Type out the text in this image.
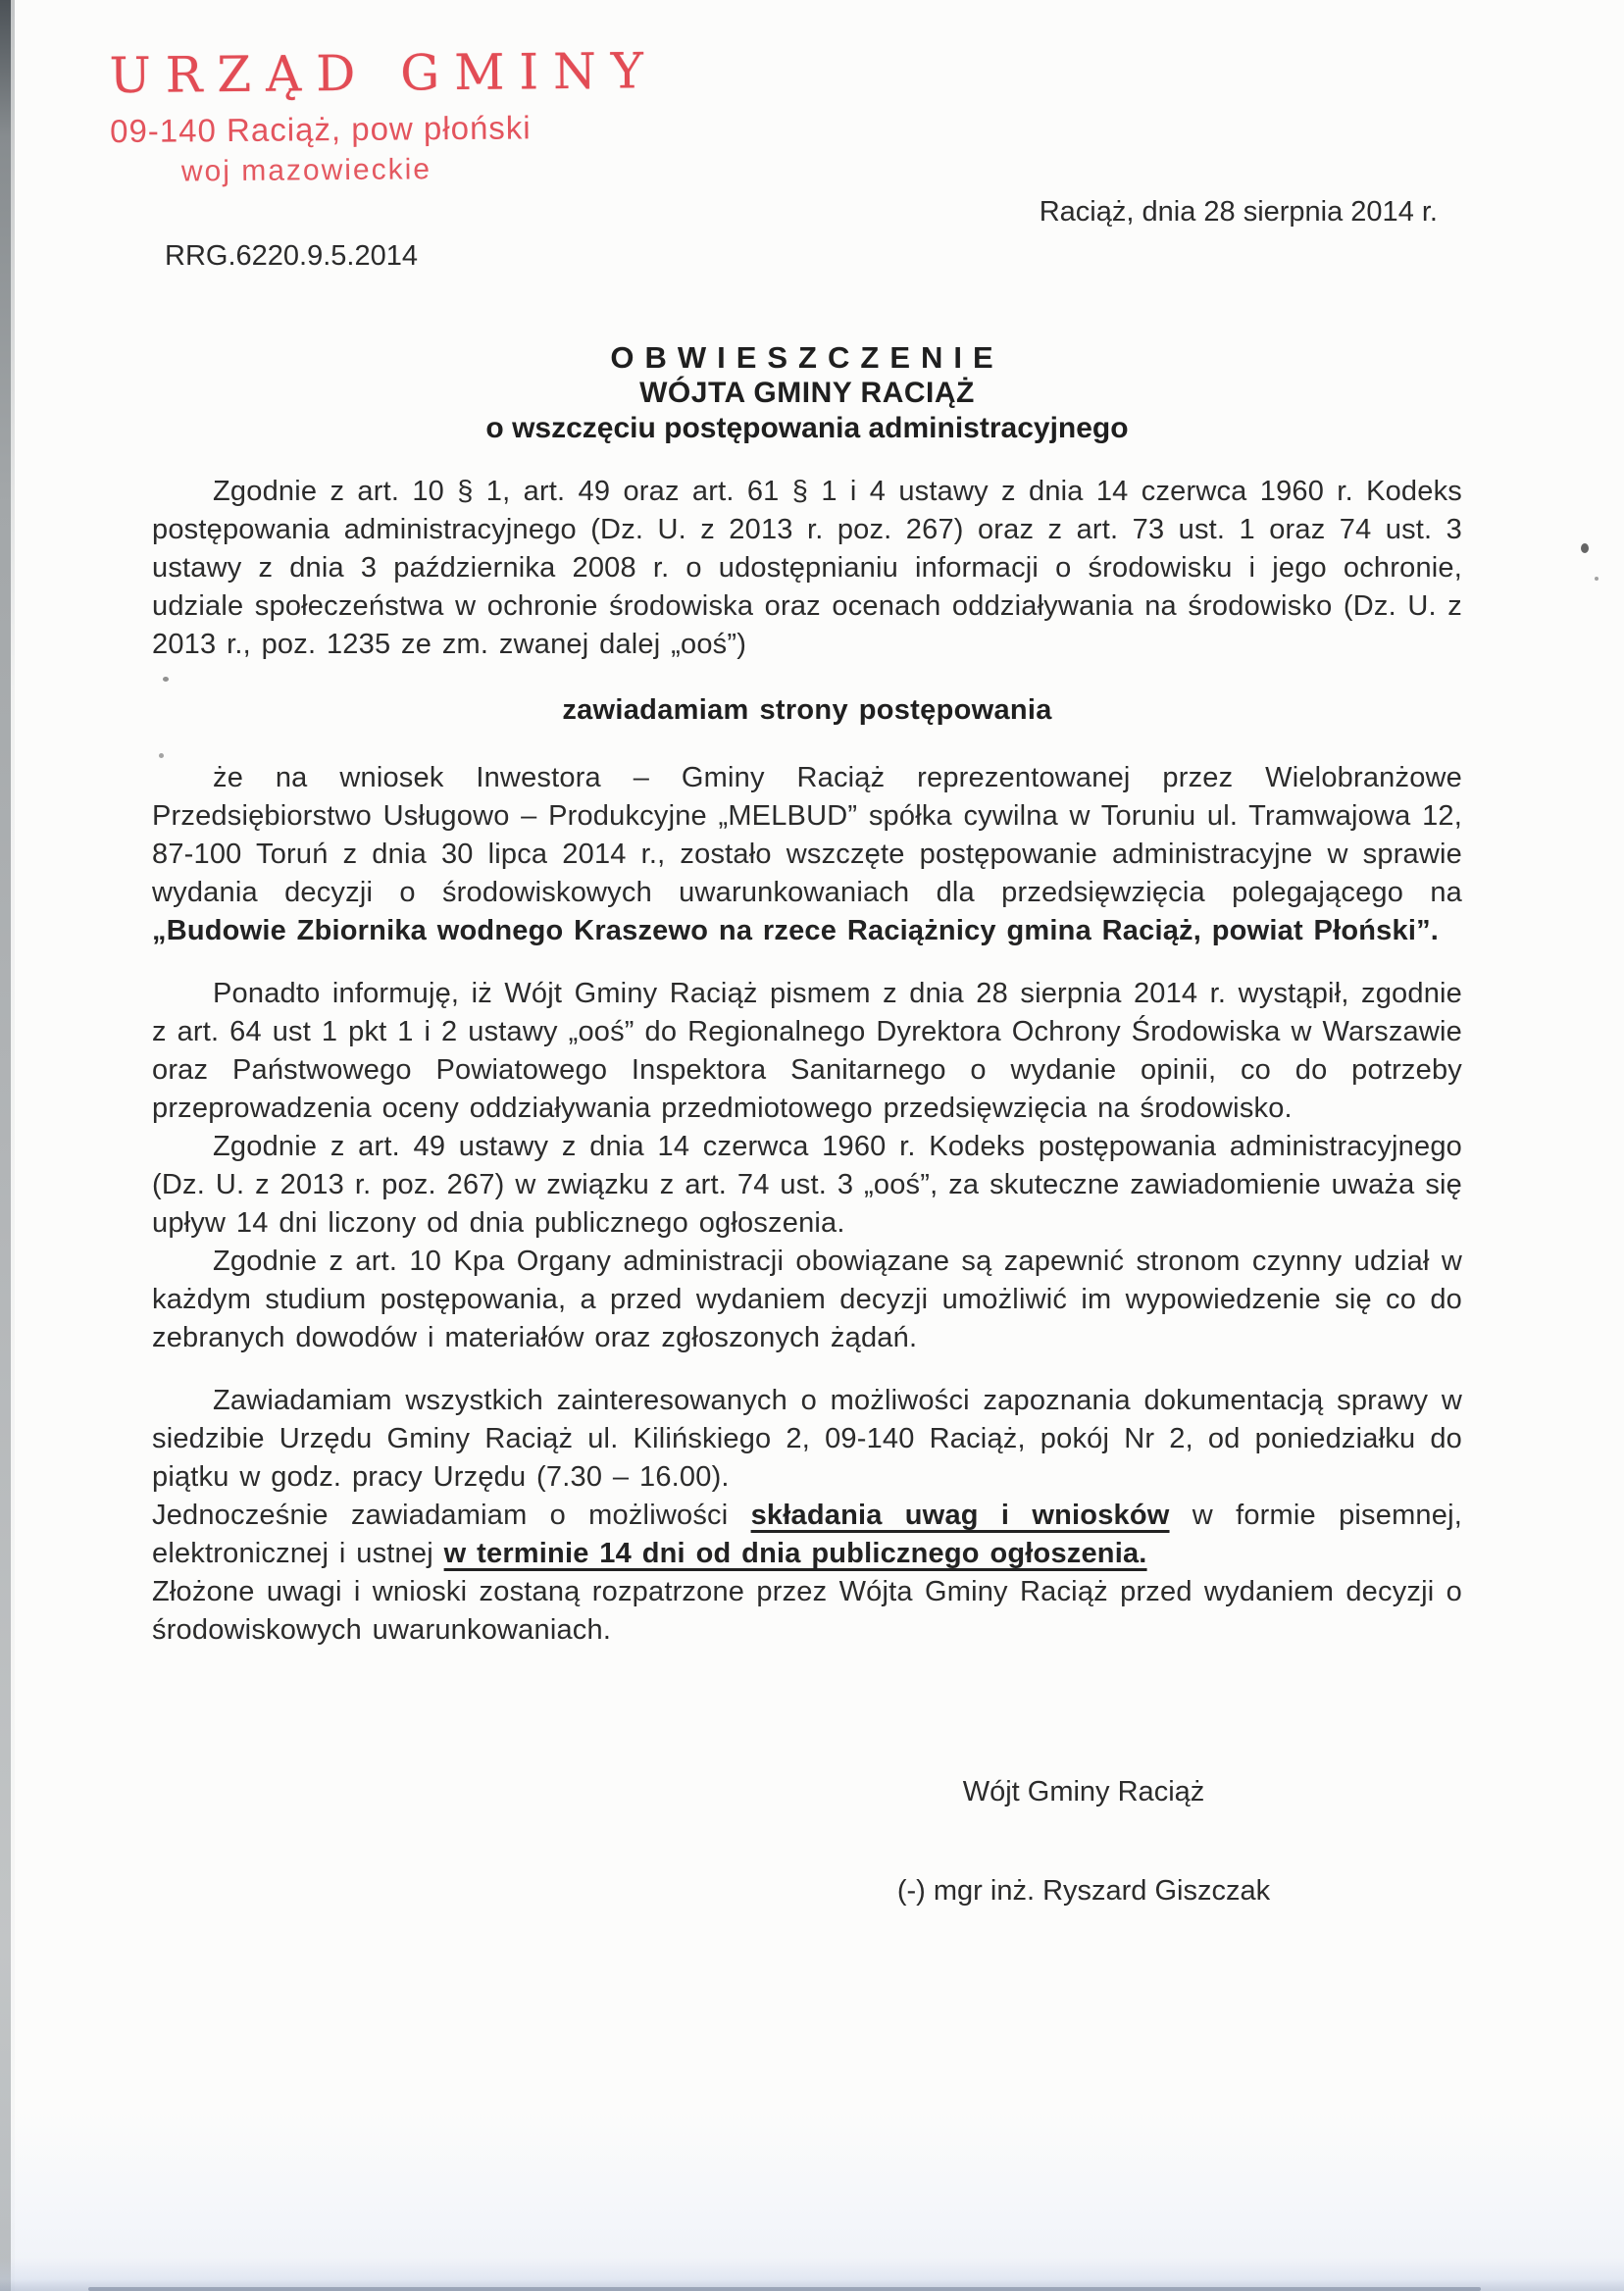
URZĄD GMINY
09-140 Raciąż, pow płoński
woj mazowieckie
Raciąż, dnia 28 sierpnia 2014 r.
RRG.6220.9.5.2014
OBWIESZCZENIE
WÓJTA GMINY RACIĄŻ
o wszczęciu postępowania administracyjnego

Zgodnie z art. 10 § 1, art. 49 oraz art. 61 § 1 i 4 ustawy z dnia 14 czerwca 1960 r. Kodeks postępowania administracyjnego (Dz. U. z 2013 r. poz. 267) oraz z art. 73 ust. 1 oraz 74 ust. 3 ustawy z dnia 3 października 2008 r. o udostępnianiu informacji o środowisku i jego ochronie, udziale społeczeństwa w ochronie środowiska oraz ocenach oddziaływania na środowisko (Dz. U. z 2013 r., poz. 1235 ze zm. zwanej dalej „ooś”)

zawiadamiam strony postępowania

że na wniosek Inwestora – Gminy Raciąż reprezentowanej przez Wielobranżowe Przedsiębiorstwo Usługowo – Produkcyjne „MELBUD” spółka cywilna w Toruniu ul. Tramwajowa 12, 87-100 Toruń z dnia 30 lipca 2014 r., zostało wszczęte postępowanie administracyjne w sprawie wydania decyzji o środowiskowych uwarunkowaniach dla przedsięwzięcia polegającego na „Budowie Zbiornika wodnego Kraszewo na rzece Raciążnicy gmina Raciąż, powiat Płoński”.

Ponadto informuję, iż Wójt Gminy Raciąż pismem z dnia 28 sierpnia 2014 r. wystąpił, zgodnie z art. 64 ust 1 pkt 1 i 2 ustawy „ooś” do Regionalnego Dyrektora Ochrony Środowiska w Warszawie oraz Państwowego Powiatowego Inspektora Sanitarnego o wydanie opinii, co do potrzeby przeprowadzenia oceny oddziaływania przedmiotowego przedsięwzięcia na środowisko.

Zgodnie z art. 49 ustawy z dnia 14 czerwca 1960 r. Kodeks postępowania administracyjnego (Dz. U. z 2013 r. poz. 267) w związku z art. 74 ust. 3 „ooś”, za skuteczne zawiadomienie uważa się upływ 14 dni liczony od dnia publicznego ogłoszenia.

Zgodnie z art. 10 Kpa Organy administracji obowiązane są zapewnić stronom czynny udział w każdym studium postępowania, a przed wydaniem decyzji umożliwić im wypowiedzenie się co do zebranych dowodów i materiałów oraz zgłoszonych żądań.

Zawiadamiam wszystkich zainteresowanych o możliwości zapoznania dokumentacją sprawy w siedzibie Urzędu Gminy Raciąż ul. Kilińskiego 2, 09-140 Raciąż, pokój Nr 2, od poniedziałku do piątku w godz. pracy Urzędu (7.30 – 16.00).

Jednocześnie zawiadamiam o możliwości składania uwag i wniosków w formie pisemnej, elektronicznej i ustnej w terminie 14 dni od dnia publicznego ogłoszenia.

Złożone uwagi i wnioski zostaną rozpatrzone przez Wójta Gminy Raciąż przed wydaniem decyzji o środowiskowych uwarunkowaniach.

Wójt Gminy Raciąż
(-) mgr inż. Ryszard Giszczak
